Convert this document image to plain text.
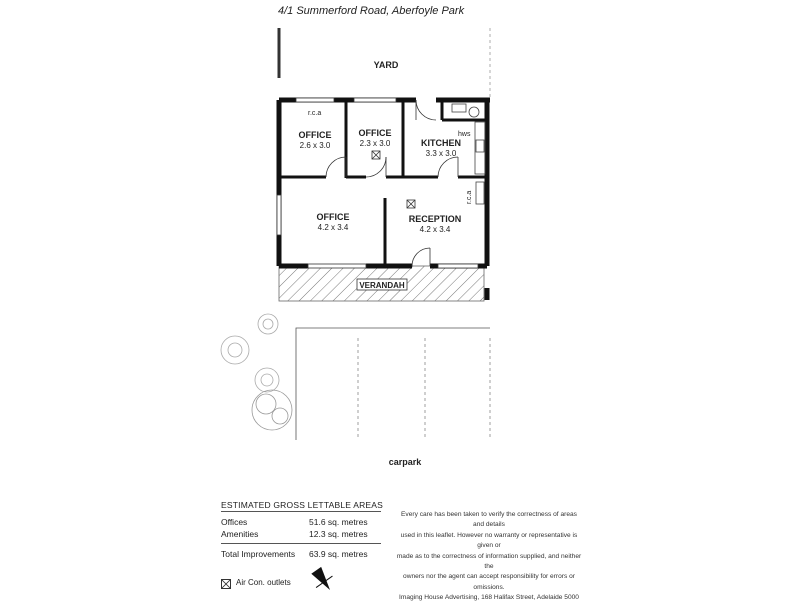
4/1 Summerford Road, Aberfoyle Park
YARD
VERANDAH
hws
r.c.a
r.c.a
OFFICE
2.6 x 3.0
OFFICE
2.3 x 3.0	KITCHEN
3.3 x 3.0
OFFICE
4.2 x 3.4
RECEPTION
4.2 x 3.4
carpark
ESTIMATED GROSS LETTABLE AREAS
Offices	51.6 sq. metres
Amenities	12.3 sq. metres
Total Improvements 63.9 sq. metres
Air Con. outlets
Every care has been taken to verify the correctness of areas and details
used in this leaflet. However no warranty or representative is given or
made as to the correctness of information supplied, and neither the
owners nor the agent can accept responsibility for errors or omissions.
Imaging House Advertising, 168 Halifax Street, Adelaide 5000
